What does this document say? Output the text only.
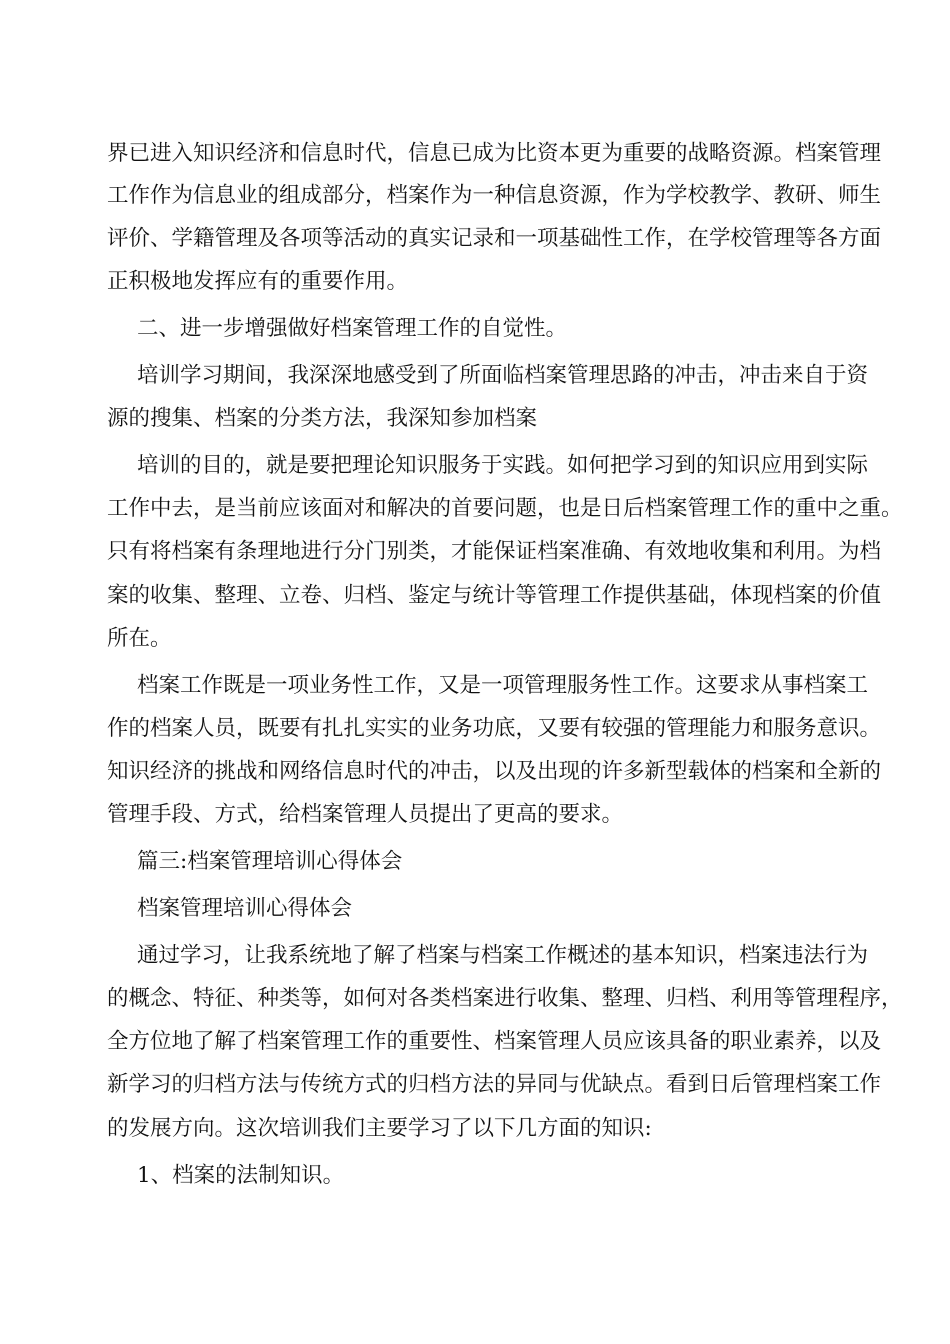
界已进入知识经济和信息时代，信息已成为比资本更为重要的战略资源。档案管理
工作作为信息业的组成部分，档案作为一种信息资源，作为学校教学、教研、师生
评价、学籍管理及各项等活动的真实记录和一项基础性工作，在学校管理等各方面
正积极地发挥应有的重要作用。
二、进一步增强做好档案管理工作的自觉性。
培训学习期间，我深深地感受到了所面临档案管理思路的冲击，冲击来自于资
源的搜集、档案的分类方法，我深知参加档案
培训的目的，就是要把理论知识服务于实践。如何把学习到的知识应用到实际
工作中去，是当前应该面对和解决的首要问题，也是日后档案管理工作的重中之重。
只有将档案有条理地进行分门别类，才能保证档案准确、有效地收集和利用。为档
案的收集、整理、立卷、归档、鉴定与统计等管理工作提供基础，体现档案的价值
所在。
档案工作既是一项业务性工作，又是一项管理服务性工作。这要求从事档案工
作的档案人员，既要有扎扎实实的业务功底，又要有较强的管理能力和服务意识。
知识经济的挑战和网络信息时代的冲击，以及出现的许多新型载体的档案和全新的
管理手段、方式，给档案管理人员提出了更高的要求。
篇三:档案管理培训心得体会
档案管理培训心得体会
通过学习，让我系统地了解了档案与档案工作概述的基本知识，档案违法行为
的概念、特征、种类等，如何对各类档案进行收集、整理、归档、利用等管理程序，
全方位地了解了档案管理工作的重要性、档案管理人员应该具备的职业素养，以及
新学习的归档方法与传统方式的归档方法的异同与优缺点。看到日后管理档案工作
的发展方向。这次培训我们主要学习了以下几方面的知识:
1、档案的法制知识。
